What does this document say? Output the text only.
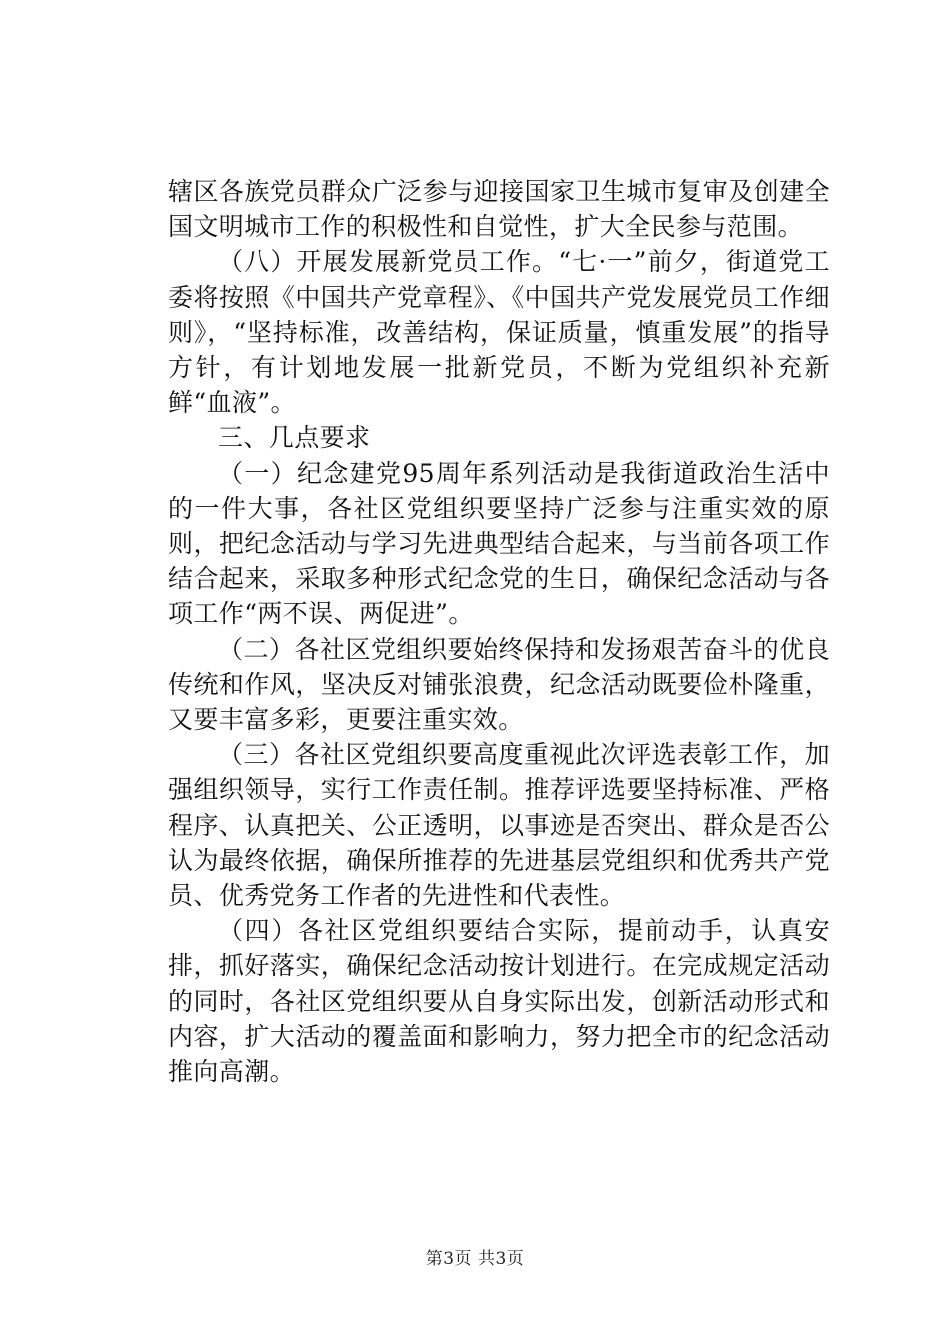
辖区各族党员群众广泛参与迎接国家卫生城市复审及创建全国文明城市工作的积极性和自觉性，扩大全民参与范围。

（八）开展发展新党员工作。“七·一”前夕，街道党工委将按照《中国共产党章程》、《中国共产党发展党员工作细则》，“坚持标准，改善结构，保证质量，慎重发展”的指导方针，有计划地发展一批新党员，不断为党组织补充新鲜“血液”。

三、几点要求

（一）纪念建党95周年系列活动是我街道政治生活中的一件大事，各社区党组织要坚持广泛参与注重实效的原则，把纪念活动与学习先进典型结合起来，与当前各项工作结合起来，采取多种形式纪念党的生日，确保纪念活动与各项工作“两不误、两促进”。

（二）各社区党组织要始终保持和发扬艰苦奋斗的优良传统和作风，坚决反对铺张浪费，纪念活动既要俭朴隆重，又要丰富多彩，更要注重实效。

（三）各社区党组织要高度重视此次评选表彰工作，加强组织领导，实行工作责任制。推荐评选要坚持标准、严格程序、认真把关、公正透明，以事迹是否突出、群众是否公认为最终依据，确保所推荐的先进基层党组织和优秀共产党员、优秀党务工作者的先进性和代表性。

（四）各社区党组织要结合实际，提前动手，认真安排，抓好落实，确保纪念活动按计划进行。在完成规定活动的同时，各社区党组织要从自身实际出发，创新活动形式和内容，扩大活动的覆盖面和影响力，努力把全市的纪念活动推向高潮。

第3页 共3页
